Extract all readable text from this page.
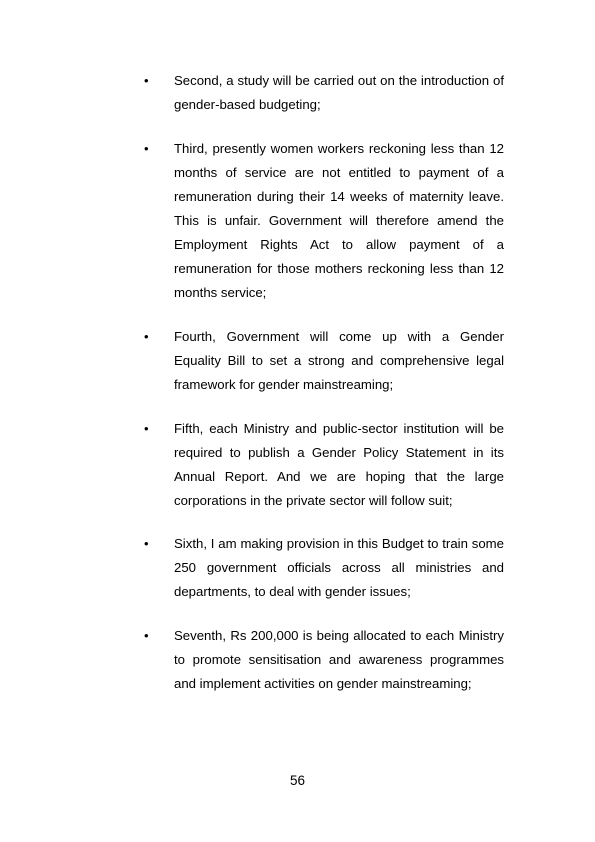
• Second, a study will be carried out on the introduction of gender-based budgeting;
• Third, presently women workers reckoning less than 12 months of service are not entitled to payment of a remuneration during their 14 weeks of maternity leave. This is unfair. Government will therefore amend the Employment Rights Act to allow payment of a remuneration for those mothers reckoning less than 12 months service;
• Fourth, Government will come up with a Gender Equality Bill to set a strong and comprehensive legal framework for gender mainstreaming;
• Fifth, each Ministry and public-sector institution will be required to publish a Gender Policy Statement in its Annual Report. And we are hoping that the large corporations in the private sector will follow suit;
• Sixth, I am making provision in this Budget to train some 250 government officials across all ministries and departments, to deal with gender issues;
• Seventh, Rs 200,000 is being allocated to each Ministry to promote sensitisation and awareness programmes and implement activities on gender mainstreaming;
56
